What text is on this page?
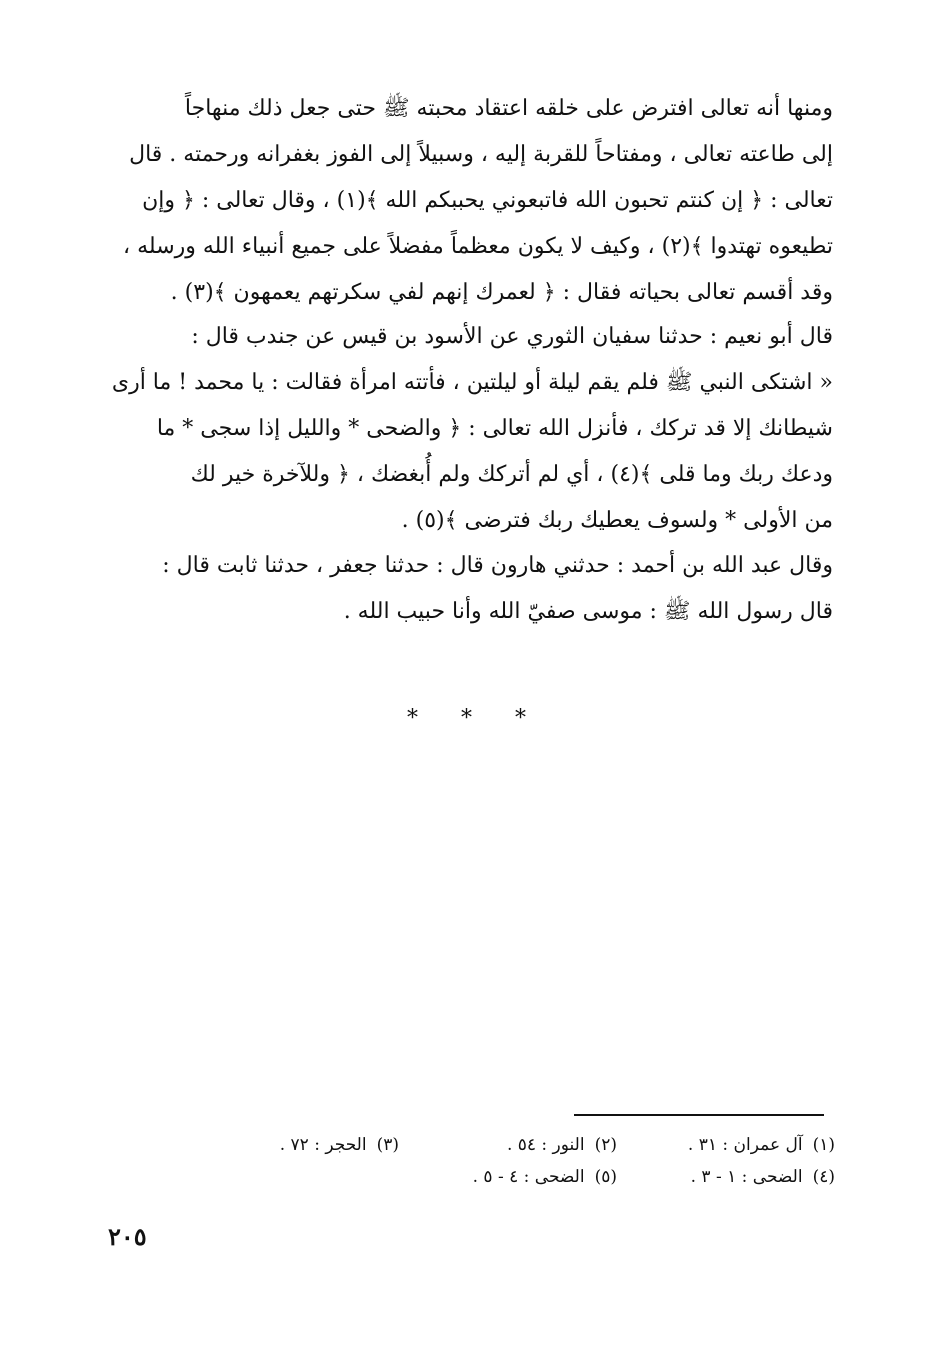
ومنها أنه تعالى افترض على خلقه اعتقاد محبته ﷺ حتى جعل ذلك منهاجاً
إلى طاعته تعالى ، ومفتاحاً للقربة إليه ، وسبيلاً إلى الفوز بغفرانه ورحمته . قال
تعالى : ﴿ إن كنتم تحبون الله فاتبعوني يحببكم الله ﴾(١) ، وقال تعالى : ﴿ وإن
تطيعوه تهتدوا ﴾(٢) ، وكيف لا يكون معظماً مفضلاً على جميع أنبياء الله ورسله ،
وقد أقسم تعالى بحياته فقال : ﴿ لعمرك إنهم لفي سكرتهم يعمهون ﴾(٣) .
قال أبو نعيم : حدثنا سفيان الثوري عن الأسود بن قيس عن جندب قال :
« اشتكى النبي ﷺ فلم يقم ليلة أو ليلتين ، فأتته امرأة فقالت : يا محمد ! ما أرى
شيطانك إلا قد تركك ، فأنزل الله تعالى : ﴿ والضحى * والليل إذا سجى * ما
ودعك ربك وما قلى ﴾(٤) ، أي لم أتركك ولم أُبغضك ، ﴿ وللآخرة خير لك
من الأولى * ولسوف يعطيك ربك فترضى ﴾(٥) .
وقال عبد الله بن أحمد : حدثني هارون قال : حدثنا جعفر ، حدثنا ثابت قال :
قال رسول الله ﷺ : موسى صفيّ الله وأنا حبيب الله .
* * *
(١)آل عمران : ٣١ .(٢)النور : ٥٤ .(٣)الحجر : ٧٢ .
(٤)الضحى : ١ - ٣ .(٥)الضحى : ٤ - ٥ .
٢٠٥
